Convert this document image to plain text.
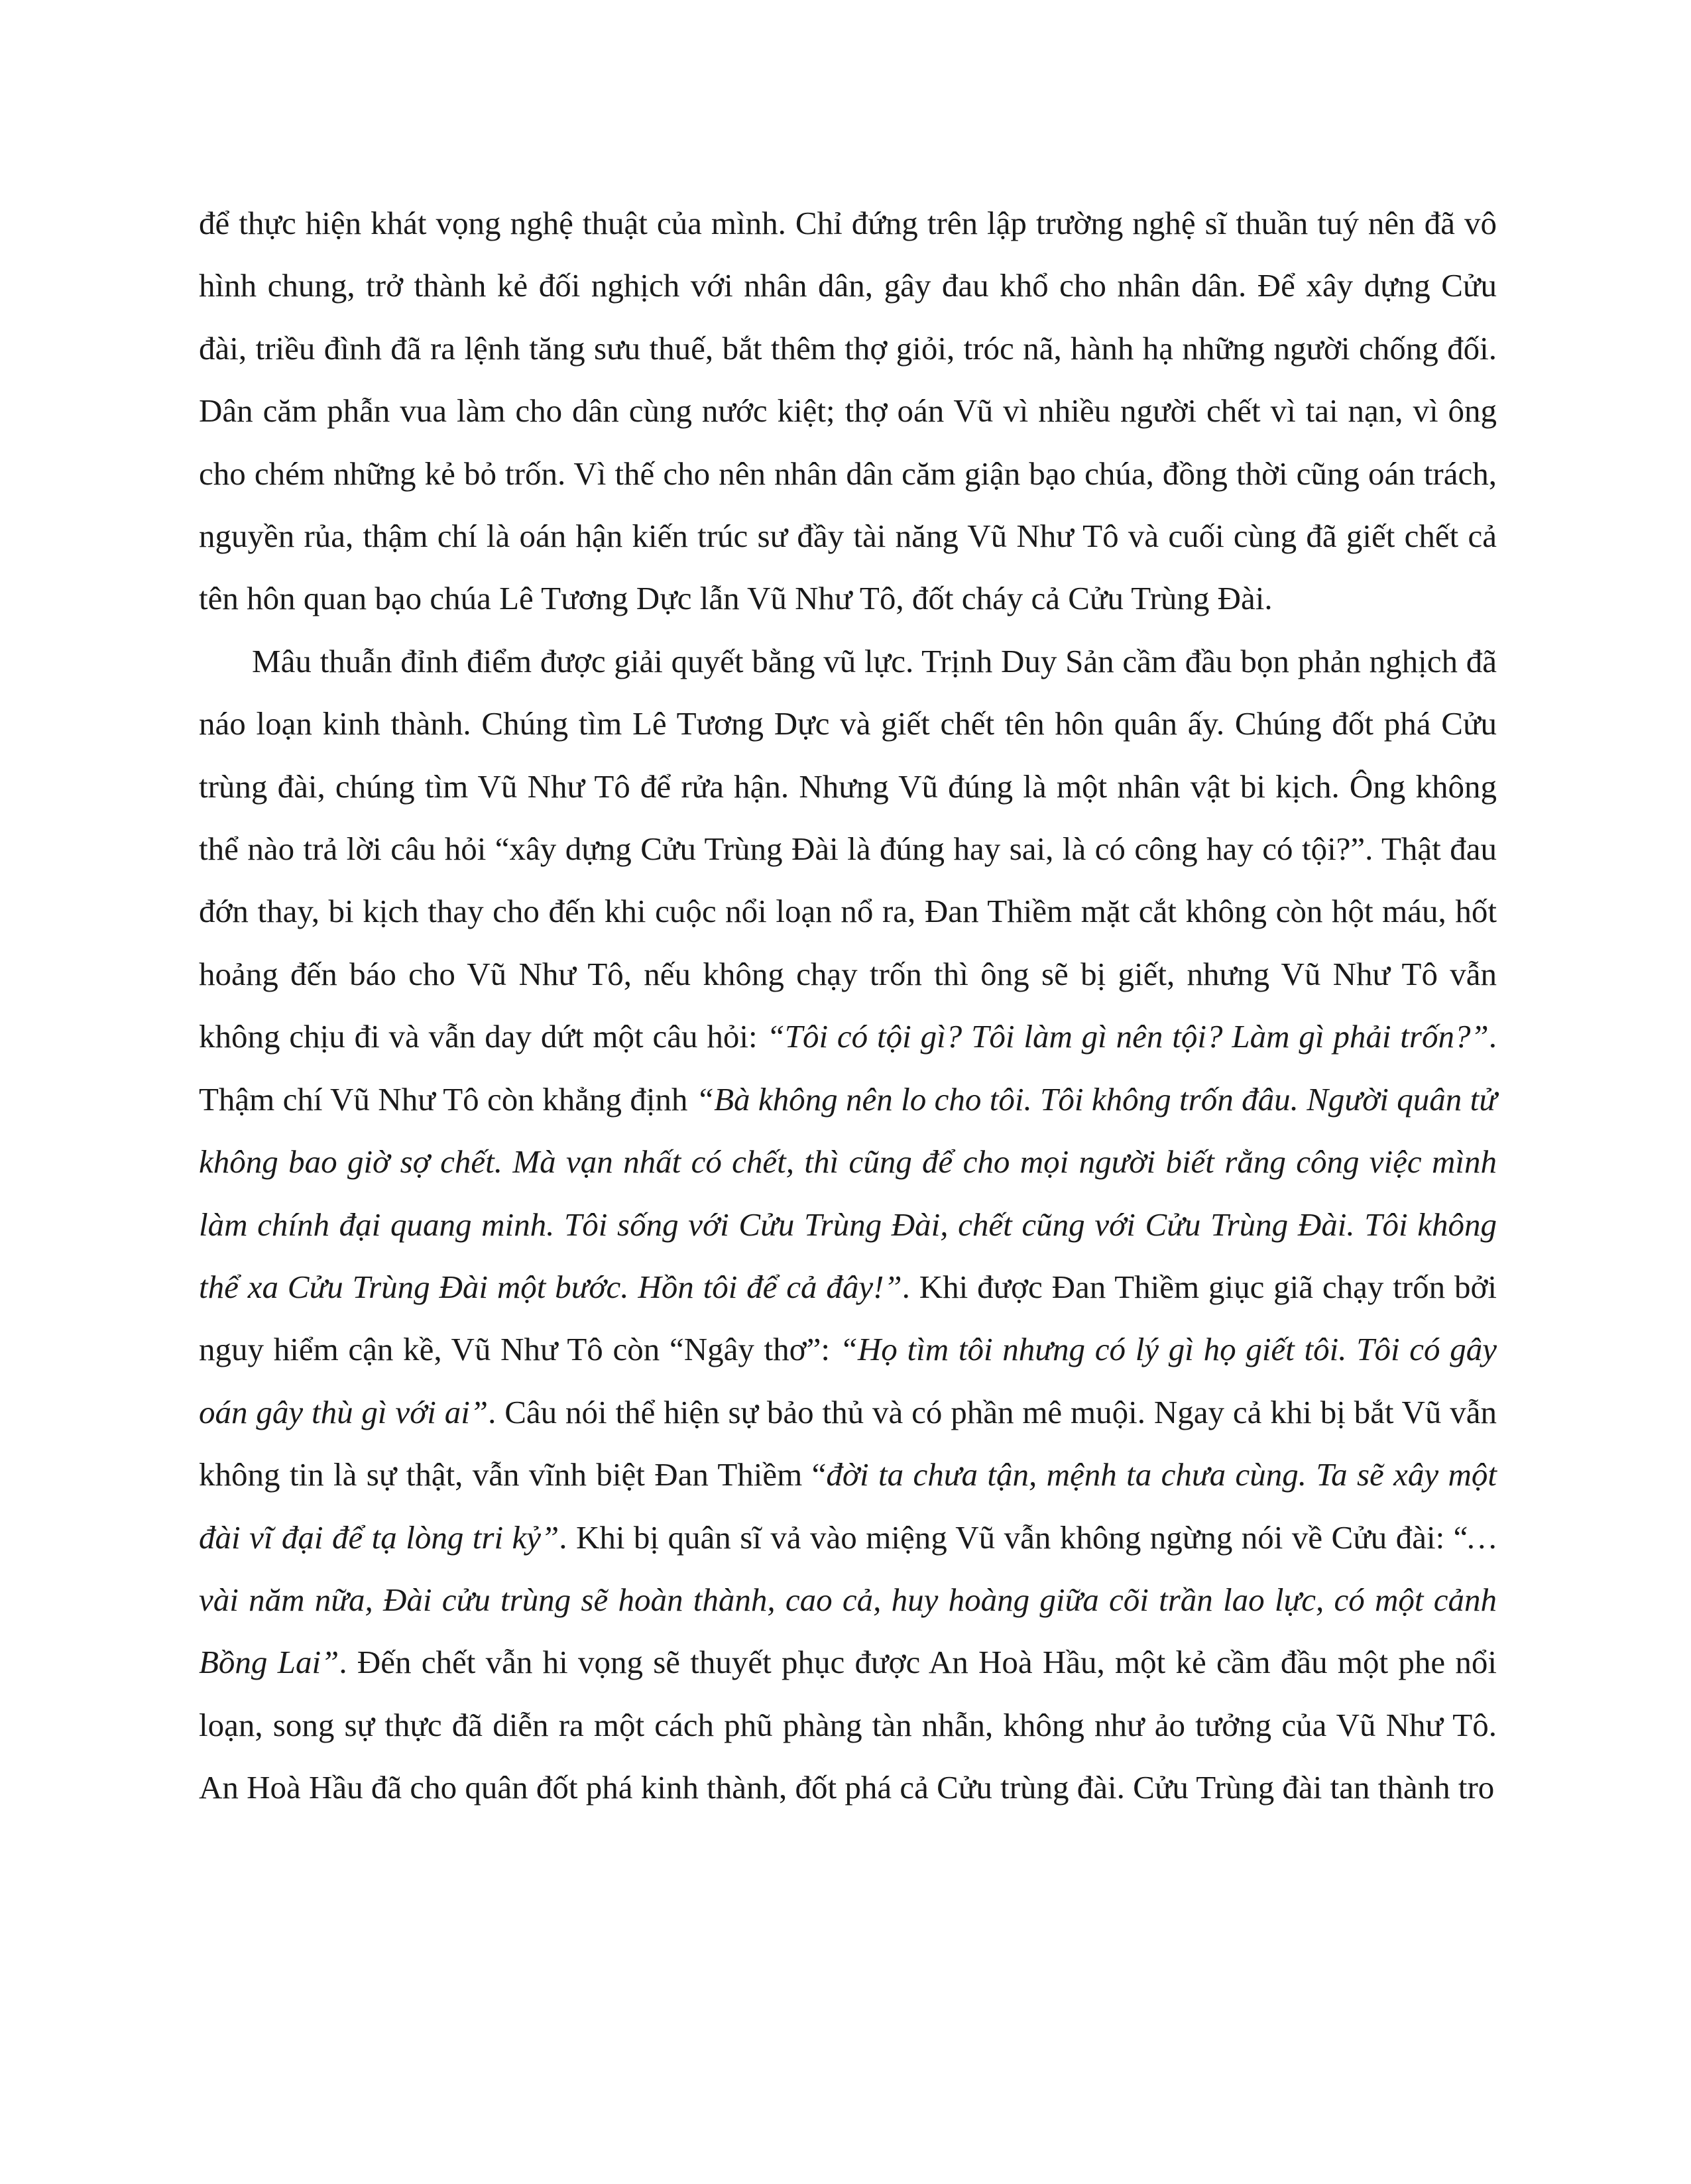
để thực hiện khát vọng nghệ thuật của mình. Chỉ đứng trên lập trường nghệ sĩ thuần tuý nên đã vô hình chung, trở thành kẻ đối nghịch với nhân dân, gây đau khổ cho nhân dân. Để xây dựng Cửu đài, triều đình đã ra lệnh tăng sưu thuế, bắt thêm thợ giỏi, tróc nã, hành hạ những người chống đối. Dân căm phẫn vua làm cho dân cùng nước kiệt; thợ oán Vũ vì nhiều người chết vì tai nạn, vì ông cho chém những kẻ bỏ trốn. Vì thế cho nên nhân dân căm giận bạo chúa, đồng thời cũng oán trách, nguyền rủa, thậm chí là oán hận kiến trúc sư đầy tài năng Vũ Như Tô và cuối cùng đã giết chết cả tên hôn quan bạo chúa Lê Tương Dực lẫn Vũ Như Tô, đốt cháy cả Cửu Trùng Đài.

Mâu thuẫn đỉnh điểm được giải quyết bằng vũ lực. Trịnh Duy Sản cầm đầu bọn phản nghịch đã náo loạn kinh thành. Chúng tìm Lê Tương Dực và giết chết tên hôn quân ấy. Chúng đốt phá Cửu trùng đài, chúng tìm Vũ Như Tô để rửa hận. Nhưng Vũ đúng là một nhân vật bi kịch. Ông không thể nào trả lời câu hỏi “xây dựng Cửu Trùng Đài là đúng hay sai, là có công hay có tội?”. Thật đau đớn thay, bi kịch thay cho đến khi cuộc nổi loạn nổ ra, Đan Thiềm mặt cắt không còn hột máu, hốt hoảng đến báo cho Vũ Như Tô, nếu không chạy trốn thì ông sẽ bị giết, nhưng Vũ Như Tô vẫn không chịu đi và vẫn day dứt một câu hỏi: “Tôi có tội gì? Tôi làm gì nên tội? Làm gì phải trốn?”. Thậm chí Vũ Như Tô còn khẳng định “Bà không nên lo cho tôi. Tôi không trốn đâu. Người quân tử không bao giờ sợ chết. Mà vạn nhất có chết, thì cũng để cho mọi người biết rằng công việc mình làm chính đại quang minh. Tôi sống với Cửu Trùng Đài, chết cũng với Cửu Trùng Đài. Tôi không thể xa Cửu Trùng Đài một bước. Hồn tôi để cả đây!”. Khi được Đan Thiềm giục giã chạy trốn bởi nguy hiểm cận kề, Vũ Như Tô còn “Ngây thơ”: “Họ tìm tôi nhưng có lý gì họ giết tôi. Tôi có gây oán gây thù gì với ai”. Câu nói thể hiện sự bảo thủ và có phần mê muội. Ngay cả khi bị bắt Vũ vẫn không tin là sự thật, vẫn vĩnh biệt Đan Thiềm “đời ta chưa tận, mệnh ta chưa cùng. Ta sẽ xây một đài vĩ đại để tạ lòng tri kỷ”. Khi bị quân sĩ vả vào miệng Vũ vẫn không ngừng nói về Cửu đài: “…vài năm nữa, Đài cửu trùng sẽ hoàn thành, cao cả, huy hoàng giữa cõi trần lao lực, có một cảnh Bồng Lai”. Đến chết vẫn hi vọng sẽ thuyết phục được An Hoà Hầu, một kẻ cầm đầu một phe nổi loạn, song sự thực đã diễn ra một cách phũ phàng tàn nhẫn, không như ảo tưởng của Vũ Như Tô. An Hoà Hầu đã cho quân đốt phá kinh thành, đốt phá cả Cửu trùng đài. Cửu Trùng đài tan thành tro
